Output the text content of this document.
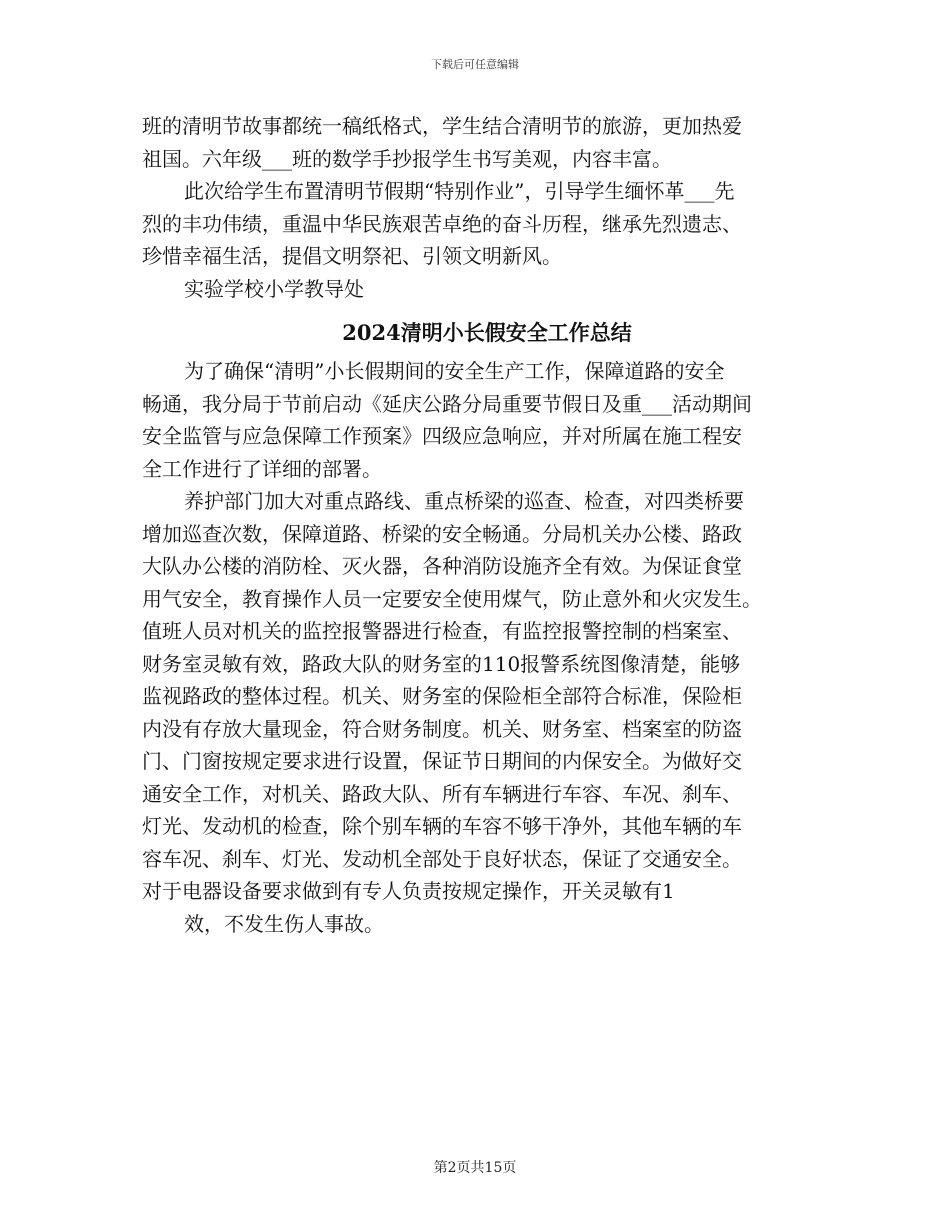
下载后可任意编辑
班的清明节故事都统一稿纸格式，学生结合清明节的旅游，更加热爱
祖国。六年级___班的数学手抄报学生书写美观，内容丰富。
此次给学生布置清明节假期“特别作业”，引导学生缅怀革___先
烈的丰功伟绩，重温中华民族艰苦卓绝的奋斗历程，继承先烈遗志、
珍惜幸福生活，提倡文明祭祀、引领文明新风。
实验学校小学教导处
2024清明小长假安全工作总结
为了确保“清明”小长假期间的安全生产工作，保障道路的安全
畅通，我分局于节前启动《延庆公路分局重要节假日及重___活动期间
安全监管与应急保障工作预案》四级应急响应，并对所属在施工程安
全工作进行了详细的部署。
养护部门加大对重点路线、重点桥梁的巡查、检查，对四类桥要
增加巡查次数，保障道路、桥梁的安全畅通。分局机关办公楼、路政
大队办公楼的消防栓、灭火器，各种消防设施齐全有效。为保证食堂
用气安全，教育操作人员一定要安全使用煤气，防止意外和火灾发生。
值班人员对机关的监控报警器进行检查，有监控报警控制的档案室、
财务室灵敏有效，路政大队的财务室的110报警系统图像清楚，能够
监视路政的整体过程。机关、财务室的保险柜全部符合标准，保险柜
内没有存放大量现金，符合财务制度。机关、财务室、档案室的防盗
门、门窗按规定要求进行设置，保证节日期间的内保安全。为做好交
通安全工作，对机关、路政大队、所有车辆进行车容、车况、刹车、
灯光、发动机的检查，除个别车辆的车容不够干净外，其他车辆的车
容车况、刹车、灯光、发动机全部处于良好状态，保证了交通安全。
对于电器设备要求做到有专人负责按规定操作，开关灵敏有1
效，不发生伤人事故。
第2页共15页
